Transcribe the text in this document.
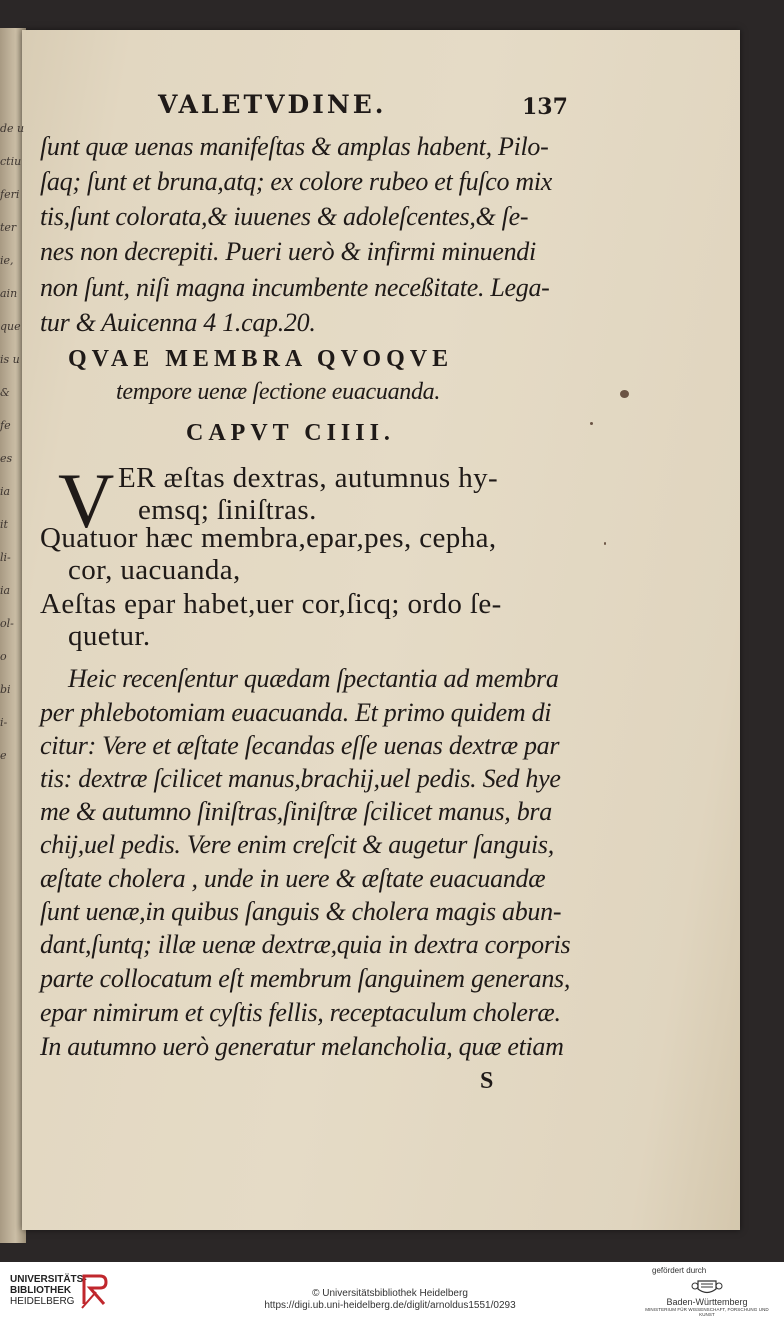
VALETVDINE.	137
ſunt quæ uenas manifeſtas & amplas habent, Pilo-
ſaq; ſunt et bruna,atq; ex colore rubeo et fuſco mix
tis,ſunt colorata,& iuuenes & adoleſcentes,& ſe-
nes non decrepiti. Pueri uerò & infirmi minuendi
non ſunt, niſi magna incumbente neceßitate. Lega-
tur & Auicenna 4 1.cap.20.
QVAE MEMBRA QVOQVE
tempore uenæ ſectione euacuanda.
CAPVT CIIII.
V ER æſtas dextras, autumnus hy-
emsq; ſiniſtras.
Quatuor hæc membra,epar,pes, cepha,
cor, uacuanda,
Aeſtas epar habet,uer cor,ſicq; ordo ſe-
quetur.
Heic recenſentur quædam ſpectantia ad membra
per phlebotomiam euacuanda. Et primo quidem di
citur: Vere et æſtate ſecandas eſſe uenas dextræ par
tis: dextræ ſcilicet manus,brachij,uel pedis. Sed hye
me & autumno ſiniſtras,ſiniſtræ ſcilicet manus, bra
chij,uel pedis. Vere enim creſcit & augetur ſanguis,
æſtate cholera , unde in uere & æſtate euacuandæ
ſunt uenæ,in quibus ſanguis & cholera magis abun-
dant,ſuntq; illæ uenæ dextræ,quia in dextra corporis
parte collocatum eſt membrum ſanguinem generans,
epar nimirum et cyſtis fellis, receptaculum choleræ.
In autumno uerò generatur melancholia, quæ etiam
S
de u
ctiu
feri
ter
ie,
ain
que
is u
&
fe
es
ia
it
li-
ia
ol-
o
bi
i-
e
UNIVERSITÄTS-
BIBLIOTHEK
HEIDELBERG
© Universitätsbibliothek Heidelberg
https://digi.ub.uni-heidelberg.de/diglit/arnoldus1551/0293
gefördert durch
Baden-Württemberg
MINISTERIUM FÜR WISSENSCHAFT, FORSCHUNG UND KUNST
